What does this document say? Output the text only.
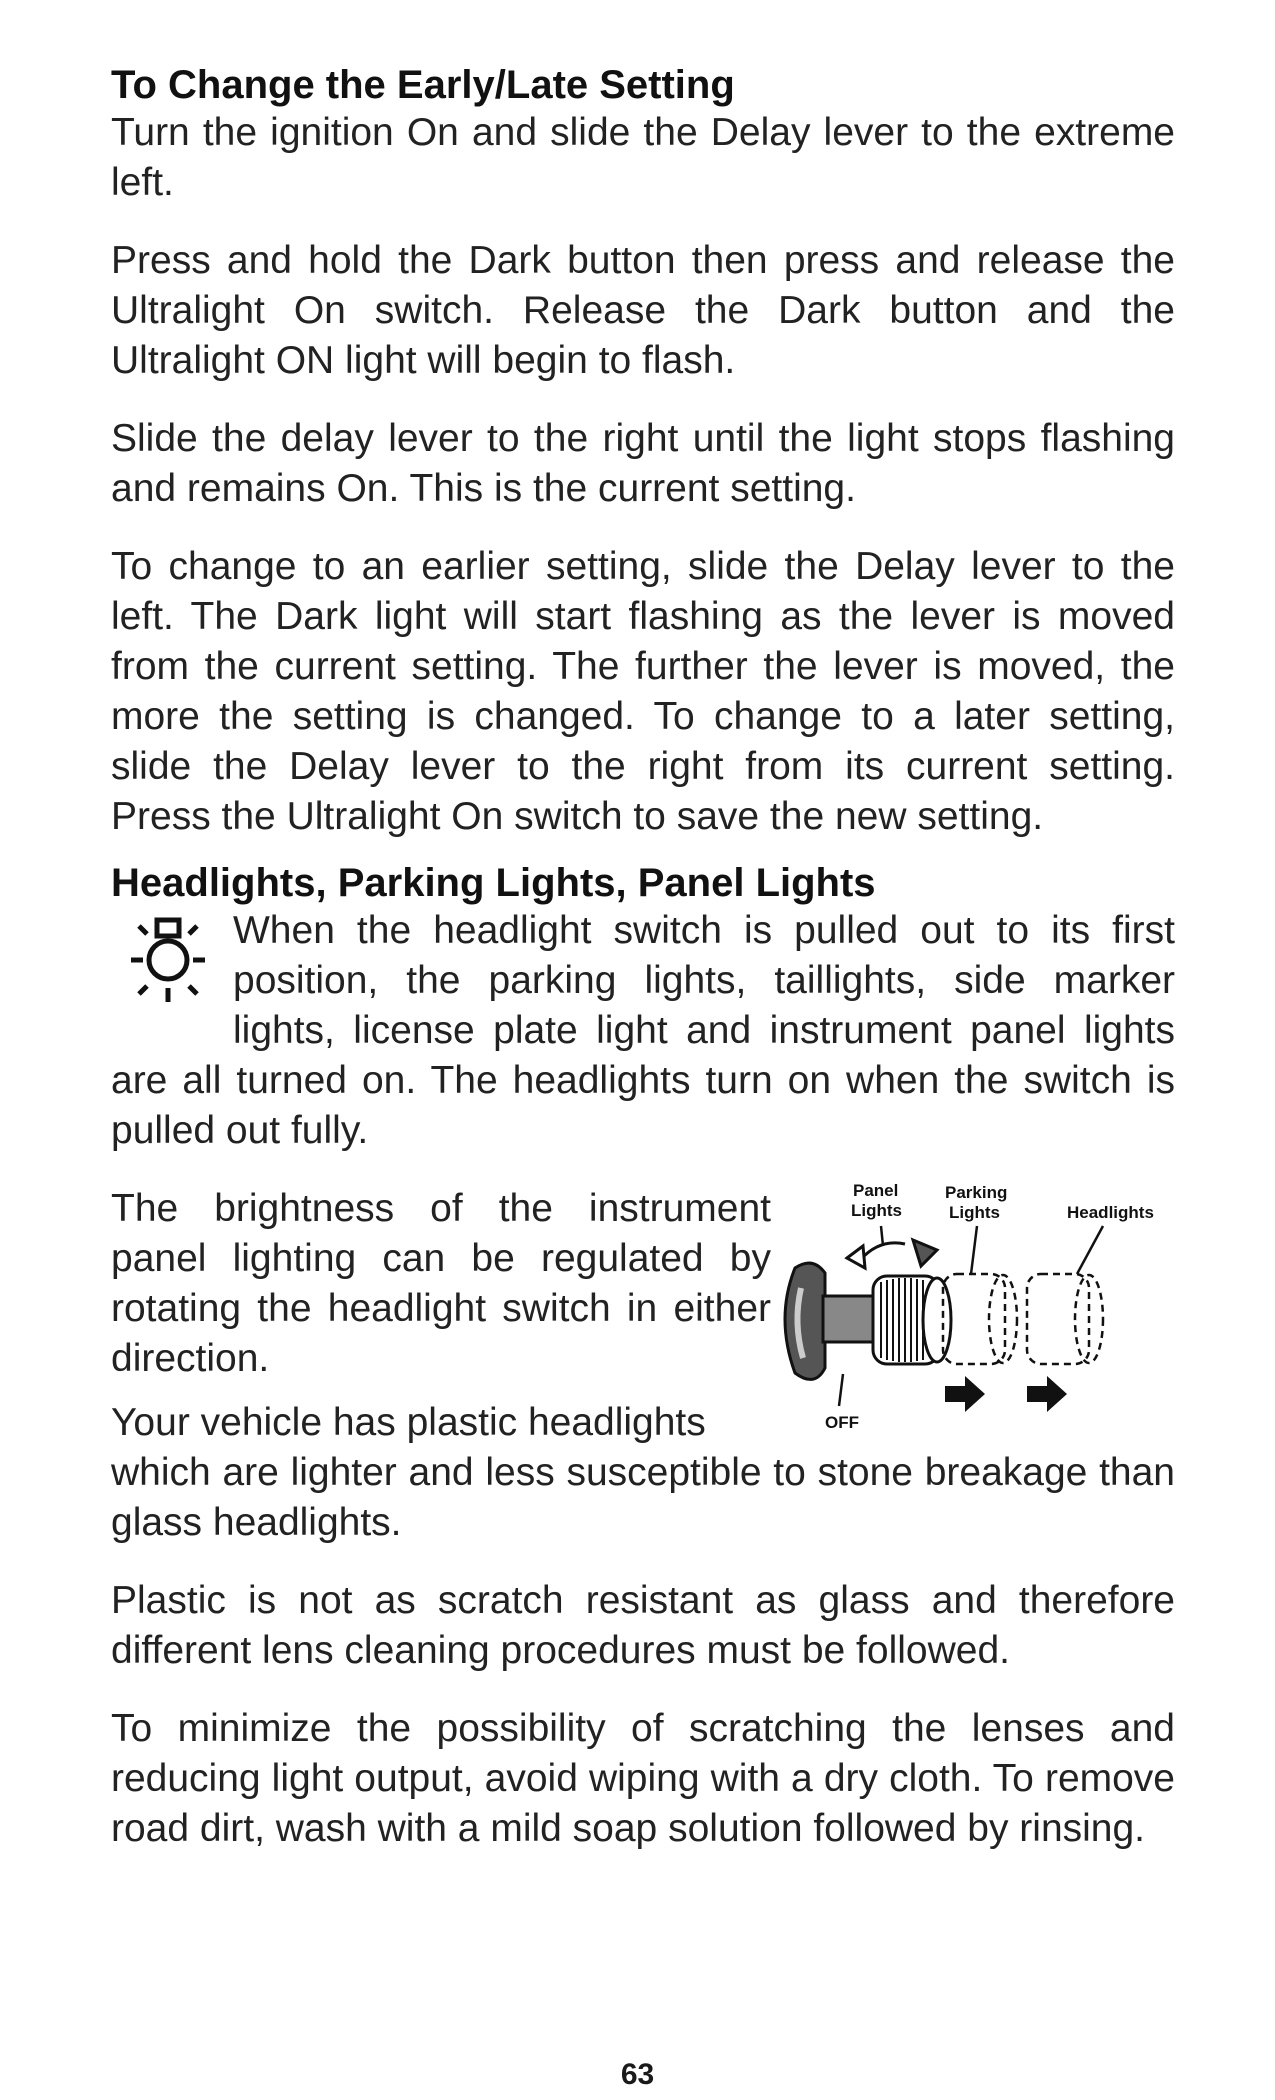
To Change the Early/Late Setting

Turn the ignition On and slide the Delay lever to the extreme left.

Press and hold the Dark button then press and release the Ultralight On switch. Release the Dark button and the Ultralight ON light will begin to flash.

Slide the delay lever to the right until the light stops flashing and remains On. This is the current setting.

To change to an earlier setting, slide the Delay lever to the left. The Dark light will start flashing as the lever is moved from the current setting. The further the lever is moved, the more the setting is changed. To change to a later setting, slide the Delay lever to the right from its current setting. Press the Ultralight On switch to save the new setting.

Headlights, Parking Lights, Panel Lights

When the headlight switch is pulled out to its first position, the parking lights, taillights, side marker lights, license plate light and instrument panel lights are all turned on. The headlights turn on when the switch is pulled out fully.

Panel
Lights
Parking
Lights	Headlights
OFF

The brightness of the instrument panel lighting can be regulated by rotating the headlight switch in either direction.

Your vehicle has plastic headlights

which are lighter and less susceptible to stone breakage than glass headlights.

Plastic is not as scratch resistant as glass and therefore different lens cleaning procedures must be followed.

To minimize the possibility of scratching the lenses and reducing light output, avoid wiping with a dry cloth. To remove road dirt, wash with a mild soap solution followed by rinsing.

63
